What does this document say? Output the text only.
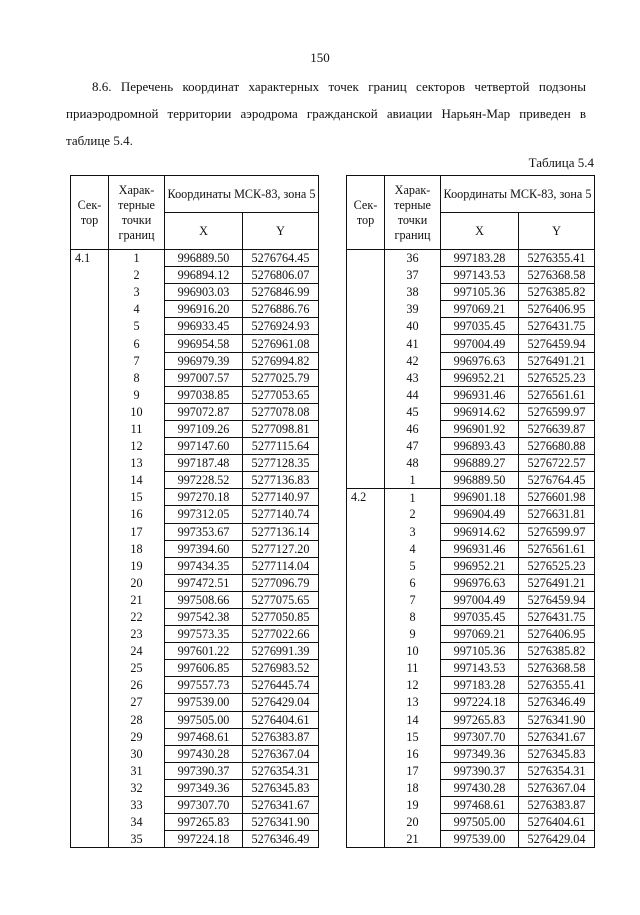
150
8.6. Перечень координат характерных точек границ секторов четвертой подзоны приаэродромной территории аэродрома гражданской авиации Нарьян-Мар приведен в таблице 5.4.
Таблица 5.4
Сек-тор	Харак-терные точки границ	Координаты МСК-83, зона 5	
		X	Y
4.1	1	996889.50	5276764.45
	2	996894.12	5276806.07
	3	996903.03	5276846.99
	4	996916.20	5276886.76
	5	996933.45	5276924.93
	6	996954.58	5276961.08
	7	996979.39	5276994.82
	8	997007.57	5277025.79
	9	997038.85	5277053.65
	10	997072.87	5277078.08
	11	997109.26	5277098.81
	12	997147.60	5277115.64
	13	997187.48	5277128.35
	14	997228.52	5277136.83
	15	997270.18	5277140.97
	16	997312.05	5277140.74
	17	997353.67	5277136.14
	18	997394.60	5277127.20
	19	997434.35	5277114.04
	20	997472.51	5277096.79
	21	997508.66	5277075.65
	22	997542.38	5277050.85
	23	997573.35	5277022.66
	24	997601.22	5276991.39
	25	997606.85	5276983.52
	26	997557.73	5276445.74
	27	997539.00	5276429.04
	28	997505.00	5276404.61
	29	997468.61	5276383.87
	30	997430.28	5276367.04
	31	997390.37	5276354.31
	32	997349.36	5276345.83
	33	997307.70	5276341.67
	34	997265.83	5276341.90
	35	997224.18	5276346.49
Сек-тор	Харак-терные точки границ	Координаты МСК-83, зона 5	
		X	Y
	36	997183.28	5276355.41
	37	997143.53	5276368.58
	38	997105.36	5276385.82
	39	997069.21	5276406.95
	40	997035.45	5276431.75
	41	997004.49	5276459.94
	42	996976.63	5276491.21
	43	996952.21	5276525.23
	44	996931.46	5276561.61
	45	996914.62	5276599.97
	46	996901.92	5276639.87
	47	996893.43	5276680.88
	48	996889.27	5276722.57
	1	996889.50	5276764.45
4.2	1	996901.18	5276601.98
	2	996904.49	5276631.81
	3	996914.62	5276599.97
	4	996931.46	5276561.61
	5	996952.21	5276525.23
	6	996976.63	5276491.21
	7	997004.49	5276459.94
	8	997035.45	5276431.75
	9	997069.21	5276406.95
	10	997105.36	5276385.82
	11	997143.53	5276368.58
	12	997183.28	5276355.41
	13	997224.18	5276346.49
	14	997265.83	5276341.90
	15	997307.70	5276341.67
	16	997349.36	5276345.83
	17	997390.37	5276354.31
	18	997430.28	5276367.04
	19	997468.61	5276383.87
	20	997505.00	5276404.61
	21	997539.00	5276429.04
